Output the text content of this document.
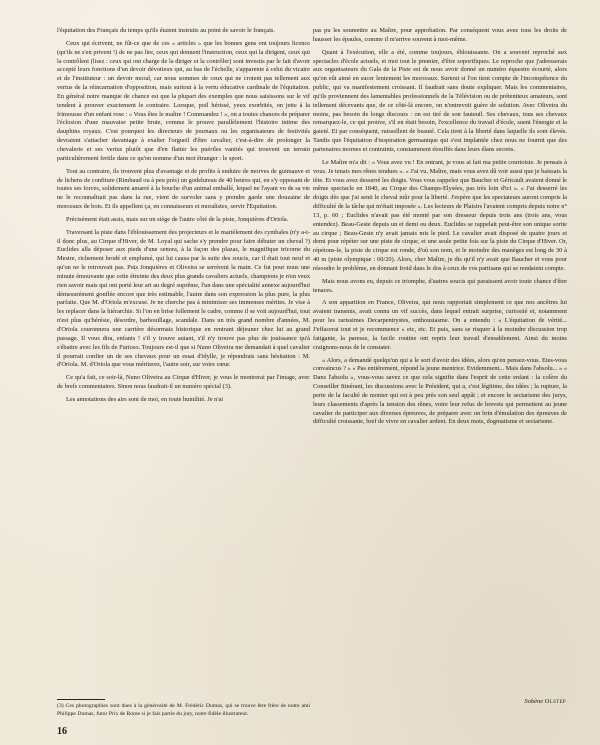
l'équitation des Français du temps qu'ils étaient instruits au point de savoir le français.

Ceux qui écrivent, ne fût-ce que de ces « articles » que les bonnes gens ont toujours licence (qu'ils ne s'en privent !) de ne pas lire, ceux qui donnent l'instruction, ceux qui la dirigent, ceux qui la contrôlent (lisez : ceux qui ont charge de la diriger et la contrôler) sont investis par le fait d'avoir accepté leurs fonctions d'un devoir dévotieux qui, au bas de l'échelle, s'apparente à celui du vicaire et de l'instituteur : un devoir moral, car nous sommes de ceux qui ne croient pas tellement aux vertus de la réincarnation d'opposition, mais surtout à la vertu éducative cardinale de l'équitation. En général notre manque de chance est que la plupart des exemples que nous saisissons sur le vif tendent à prouver exactement le contraire. Lorsque, poil hérissé, yeux exorbités, on jette à la frimousse d'un enfant rose : « Vous êtes le maître ! Commandez ! », on a toutes chances de préparer l'éclosion d'une mauvaise petite brute, comme le prouve parallèlement l'histoire intime des dauphins royaux. C'est pourquoi les directeurs de journaux ou les organisateurs de festivités devraient s'attacher davantage à exalter l'orgueil d'être cavalier, c'est-à-dire de prolonger la chevalerie et ses vertus plutôt que d'en flatter les puériles vanités qui trouvent un terrain particulièrement fertile dans ce qu'on nomme d'un mot étranger : le sport.

Tout au contraire, ils trouvent plus d'avantage et de profits à enduire de morves de guimauve et de lichens de confiture (Rimbaud ou à peu près) un godelureau de 40 heures qui, en s'y opposant de toutes ses forces, solidement amarré à la bouche d'un animal emballé, lequel ne l'ayant vu de sa vie ne le reconnaîtrait pas dans la rue, vient de survoler sans y prendre garde une douzaine de morceaux de bois. Et ils appellent ça, en connaisseurs et moralistes, servir l'Equitation.

Précisément était assis, mais sur un siège de l'autre côté de la piste, Jonquières d'Oriola.

Traversant la piste dans l'éblouissement des projecteurs et le martèlement des cymbales (n'y a-t-il donc plus, au Cirque d'Hiver, de M. Loyal qui sache s'y prendre pour faire débuter un cheval ?) Euclides alla déposer aux pieds d'une senora, à la façon des plazas, le magnifique tricorne du Mestre, richement brodé et emplumé, qui lui causa par la suite des soucis, car il était tout neuf et qu'on ne le retrouvait pas. Puis Jonquières et Oliveira se serrèrent la main. Ce fut pour nous une minute émouvante que cette étreinte des deux plus grands cavaliers actuels, champions je n'en veux rien savoir mais qui ont porté leur art au degré suprême, l'un dans une spécialité annexe aujourd'hui démesurément gonflée encore que très estimable, l'autre dans son expression la plus pure, la plus parfaite. Que M. d'Oriola m'excuse. Je ne cherche pas à minimiser ses immenses mérites. Je vise à les replacer dans la hiérarchie. Si l'on en brise follement le cadre, comme il se voit aujourd'hui, tout n'est plus qu'hérésie, désordre, barbouillage, scandale. Dans un très grand nombre d'années, M. d'Oriola couronnera une carrière désormais historique en rentrant déjeuner chez lui au grand passage. Il vous dira, enfants ! s'il y trouve autant, s'il n'y trouve pas plus de jouissance qu'à s'ébattre avec les fils de Furioso. Toujours est-il que si Nuno Oliveira me demandait à quel cavalier il pourrait confier un de ses chevaux pour un essai d'idylle, je répondrais sans hésitation : M. d'Oriola. M. d'Oriola que vous mériterez, l'autre soir, sur votre cœur.

Ce qu'a fait, ce soir-là, Nuno Oliveira au Cirque d'Hiver, je vous le montrerai par l'image, avec de brefs commentaires. Sinon nous faudrait-il un numéro spécial (3).

Les annotations des airs sont de moi, en toute humilité. Je n'ai

pas pu les soumettre au Maître, pour approbation. Par conséquent vous avez tous les droits de hausser les épaules, comme il m'arrive souvent à moi-même.

Quant à l'exécution, elle a été, comme toujours, éblouissante. On a souvent reproché aux spectacles d'école actuels, et moi tout le premier, d'être soporifiques. Le reproche que j'adresserais aux organisateurs du Gala de la Piste est de nous avoir donné un numéro équestre écourté, alors qu'on eût aimé en sucer lentement les morceaux. Surtout si l'on tient compte de l'incompétence du public, qui va manifestement croissant. Il faudrait sans doute expliquer. Mais les commentaires, qu'ils proviennent des lamentables professionnels de la Télévision ou de prétentieux amateurs, sont tellement décevants que, de ce côté-là encore, on n'entrevoit guère de solution. Avec Oliveira du moins, pas besoin de longs discours : on est tiré de son fauteuil. Ses chevaux, tous ses chevaux remarquez-le, ce qui prouve, s'il en était besoin, l'excellence du travail d'école, suent l'énergie et la gaieté. Et par conséquent, ruissellent de beauté. Cela tient à la liberté dans laquelle ils sont élevés. Tandis que l'équitation d'inspiration germanique qui s'est implantée chez nous ne fournit que des partenaires mornes et contraints, constamment étouffés dans leurs élans secrets.

Le Maître m'a dit : « Vous avez vu ! En entrant, je vous ai fait ma petite courtoisie. Je pensais à vous. Je tenais mes rênes tendues ». « J'ai vu, Maître, mais vous avez dû voir aussi que je baissais la tête. Et vous avez desserré les doigts. Vous vous rappelez que Baucher et Géricault avaient donné le même spectacle en 1840, au Cirque des Champs-Elysées, pas très loin d'ici ». « J'ai desserré les doigts dès que j'ai senti le cheval mûr pour la liberté. J'espère que les spectateurs auront compris la difficulté de la tâche qui m'était imposée ». Les lecteurs de Plaisirs l'avaient compris depuis notre n° 13, p. 60 ; Euclides n'avait pas été monté par son dresseur depuis trois ans (trois ans, vous entendez). Beau-Geste depuis un et demi ou deux. Euclides se rappelait peut-être son unique sortie au cirque ; Beau-Geste n'y avait jamais mis le pied. Le cavalier avait disposé de quatre jours et demi pour répéter sur une piste de cirque, et une seule petite fois sur la piste du Cirque d'Hiver. Or, répétons-le, la piste de cirque est ronde, d'où son nom, et le moindre des manèges est long de 30 à 40 m (piste olympique : 60/20). Alors, cher Maître, je dis qu'il n'y avait que Baucher et vous pour résoudre le problème, en donnant froid dans le dos à ceux de vos partisans qui se rendaient compte.

Mais nous avons eu, depuis ce triomphe, d'autres soucis qui paraissent avoir toute chance d'être tenaces.

A son apparition en France, Oliveira, qui nous rapportait simplement ce que nos ancêtres lui avaient transmis, avait connu un vif succès, dans lequel entrait surprise, curiosité et, notamment pour les rarissimes Decarpentrystes, enthousiasme. On a entendu : « L'équitation de vérité... J'effacerai tout et je recommence » etc, etc. Et puis, sans se risquer à la moindre discussion trop fatigante, la paresse, la facile routine ont repris leur travail d'ensablement. Ainsi du moins craignons-nous de le constater.

« Alors, a demandé quelqu'un qui a le sort d'avoir des idées, alors qu'en pensez-vous. Etes-vous convaincus ? » « Pas entièrement, répond la jeune mentrice. Evidemment... Mais dans l'absolu... » « Dans l'absolu », vous-vous savez ce que cela signifie dans l'esprit de cette enfant : la colère du Conseiller Itinérant, les discussions avec le Président, qui a, c'est légitime, des idées ; la rupture, la perte de la faculté de monter qui est à peu près son seul appât ; et encore le sectarisme des jurys, leurs classements d'après la tension des rênes, voire leur refus de brevets qui permettent au jeune cavalier de participer aux diverses épreuves, de préparer avec un brin d'émulation des épreuves de difficulté croissante, bref de vivre en cavalier ardent. En deux mots, dogmatisme et sectarisme.

(3) Ces photographies sont dues à la générosité de M. Frédéric Dumas, qui se trouve être frère de notre ami Philippe Dumas, futur Prix de Rome si je fais partie du jury, notre fidèle illustrateur.

Sobène Olstep
16
